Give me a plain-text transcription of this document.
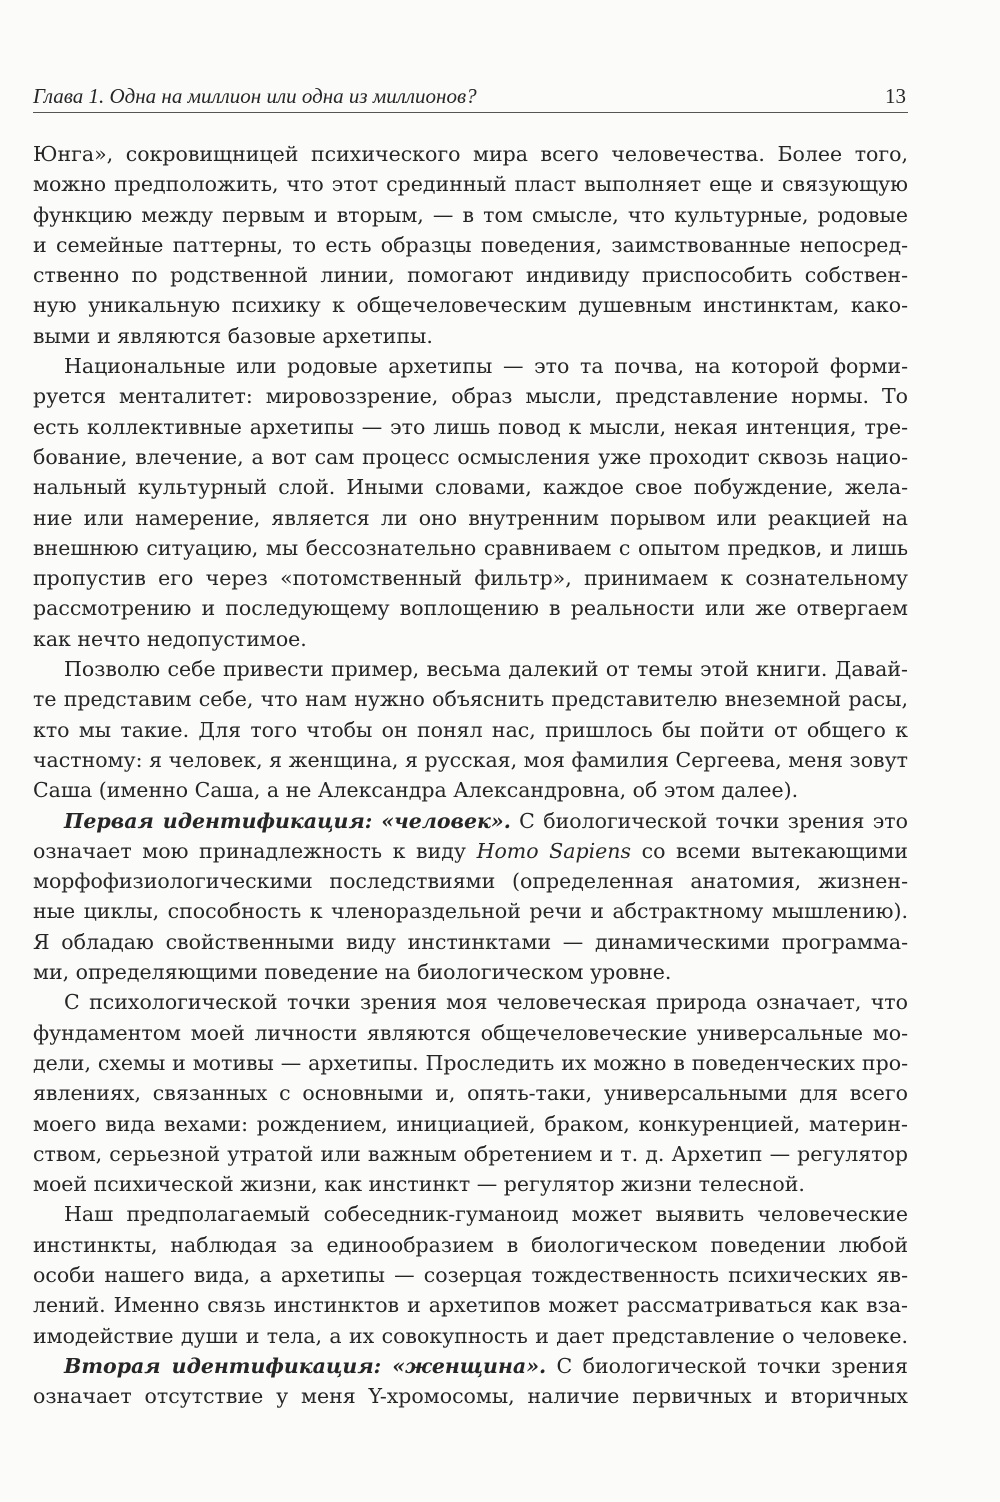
Глава 1. Одна на миллион или одна из миллионов?	13
Юнга», сокровищницей психического мира всего человечества. Более того,
можно предположить, что этот срединный пласт выполняет еще и связующую
функцию между первым и вторым, — в том смысле, что культурные, родовые
и семейные паттерны, то есть образцы поведения, заимствованные непосред-
ственно по родственной линии, помогают индивиду приспособить собствен-
ную уникальную психику к общечеловеческим душевным инстинктам, како-
выми и являются базовые архетипы.
Национальные или родовые архетипы — это та почва, на которой форми-
руется менталитет: мировоззрение, образ мысли, представление нормы. То
есть коллективные архетипы — это лишь повод к мысли, некая интенция, тре-
бование, влечение, а вот сам процесс осмысления уже проходит сквозь нацио-
нальный культурный слой. Иными словами, каждое свое побуждение, жела-
ние или намерение, является ли оно внутренним порывом или реакцией на
внешнюю ситуацию, мы бессознательно сравниваем с опытом предков, и лишь
пропустив его через «потомственный фильтр», принимаем к сознательному
рассмотрению и последующему воплощению в реальности или же отвергаем
как нечто недопустимое.
Позволю себе привести пример, весьма далекий от темы этой книги. Давай-
те представим себе, что нам нужно объяснить представителю внеземной расы,
кто мы такие. Для того чтобы он понял нас, пришлось бы пойти от общего к
частному: я человек, я женщина, я русская, моя фамилия Сергеева, меня зовут
Саша (именно Саша, а не Александра Александровна, об этом далее).
Первая идентификация: «человек». С биологической точки зрения это
означает мою принадлежность к виду Homo Sapiens со всеми вытекающими
морфофизиологическими последствиями (определенная анатомия, жизнен-
ные циклы, способность к членораздельной речи и абстрактному мышлению).
Я обладаю свойственными виду инстинктами — динамическими программа-
ми, определяющими поведение на биологическом уровне.
С психологической точки зрения моя человеческая природа означает, что
фундаментом моей личности являются общечеловеческие универсальные мо-
дели, схемы и мотивы — архетипы. Проследить их можно в поведенческих про-
явлениях, связанных с основными и, опять-таки, универсальными для всего
моего вида вехами: рождением, инициацией, браком, конкуренцией, материн-
ством, серьезной утратой или важным обретением и т. д. Архетип — регулятор
моей психической жизни, как инстинкт — регулятор жизни телесной.
Наш предполагаемый собеседник-гуманоид может выявить человеческие
инстинкты, наблюдая за единообразием в биологическом поведении любой
особи нашего вида, а архетипы — созерцая тождественность психических яв-
лений. Именно связь инстинктов и архетипов может рассматриваться как вза-
имодействие души и тела, а их совокупность и дает представление о человеке.
Вторая идентификация: «женщина». С биологической точки зрения
означает отсутствие у меня Y-хромосомы, наличие первичных и вторичных
